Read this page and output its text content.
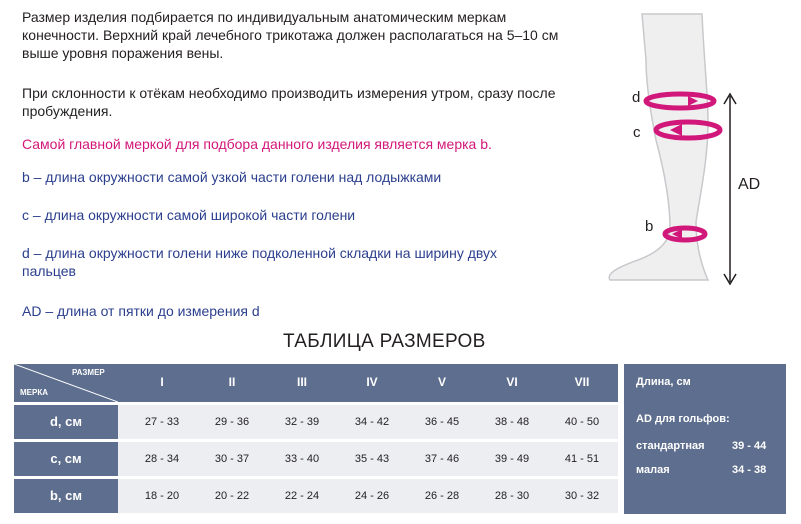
Размер изделия подбирается по индивидуальным анатомическим меркам конечности. Верхний край лечебного трикотажа должен располагаться на 5–10 см выше уровня поражения вены.
При склонности к отёкам необходимо производить измерения утром, сразу после пробуждения.
Самой главной меркой для подбора данного изделия является мерка b.
b – длина окружности самой узкой части голени над лодыжками
c – длина окружности самой широкой части голени
d – длина окружности голени ниже подколенной складки на ширину двух пальцев
AD – длина от пятки до измерения d
d
c
b
AD
ТАБЛИЦА РАЗМЕРОВ
РАЗМЕР
МЕРКА
I	II	III	IV	V	VI	VII
d, см	27 - 33	29 - 36	32 - 39	34 - 42	36 - 45	38 - 48	40 - 50
c, см	28 - 34	30 - 37	33 - 40	35 - 43	37 - 46	39 - 49	41 - 51
b, см	18 - 20	20 - 22	22 - 24	24 - 26	26 - 28	28 - 30	30 - 32
Длина, см
AD для гольфов:
стандартная 39 - 44
малая	34 - 38
